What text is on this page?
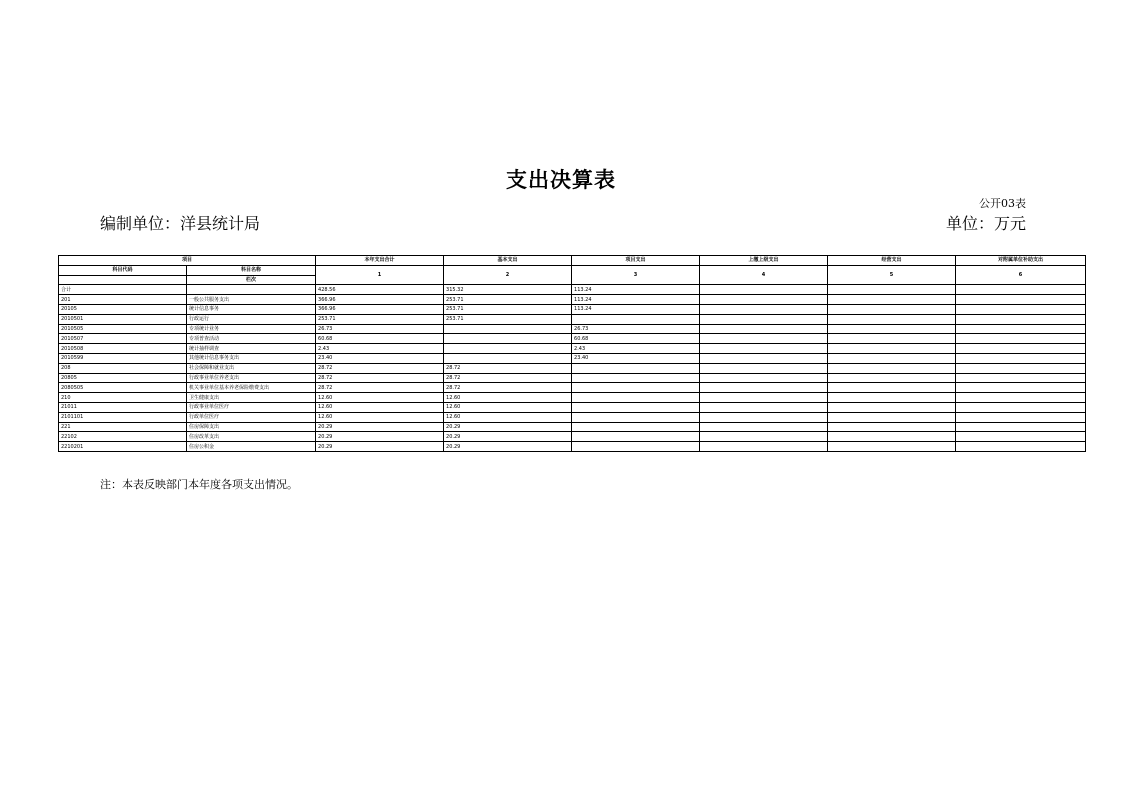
支出决算表
公开03表
编制单位：洋县统计局	单位：万元
项目		本年支出合计	基本支出	项目支出	上缴上级支出	经营支出	对附属单位补助支出
科目代码	科目名称	1	2	3	4	5	6
	栏次						
合计		428.56	315.32	113.24			
201	一般公共服务支出	366.96	253.71	113.24			
20105	统计信息事务	366.96	253.71	113.24			
2010501	行政运行	253.71	253.71				
2010505	专项统计业务	26.73		26.73			
2010507	专项普查活动	60.68		60.68			
2010508	统计抽样调查	2.43		2.43			
2010599	其他统计信息事务支出	23.40		23.40			
208	社会保障和就业支出	28.72	28.72				
20805	行政事业单位养老支出	28.72	28.72				
2080505	机关事业单位基本养老保险缴费支出	28.72	28.72				
210	卫生健康支出	12.60	12.60				
21011	行政事业单位医疗	12.60	12.60				
2101101	行政单位医疗	12.60	12.60				
221	住房保障支出	20.29	20.29				
22102	住房改革支出	20.29	20.29				
2210201	住房公积金	20.29	20.29				
注：本表反映部门本年度各项支出情况。
